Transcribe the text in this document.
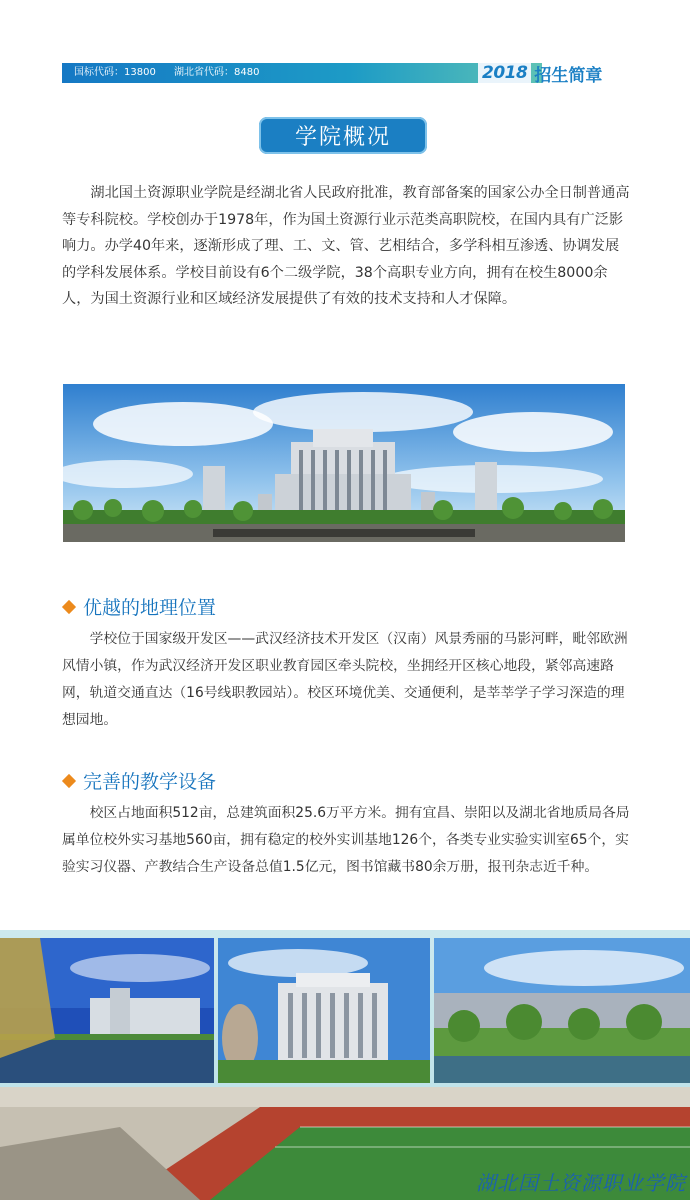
国标代码：13800 湖北省代码：8480	2018 招生简章
学院概况

湖北国土资源职业学院是经湖北省人民政府批准，教育部备案的国家公办全日制普通高等专科院校。学校创办于1978年，作为国土资源行业示范类高职院校，在国内具有广泛影响力。办学40年来，逐渐形成了理、工、文、管、艺相结合，多学科相互渗透、协调发展的学科发展体系。学校目前设有6个二级学院，38个高职专业方向，拥有在校生8000余人，为国土资源行业和区域经济发展提供了有效的技术支持和人才保障。

优越的地理位置

学校位于国家级开发区——武汉经济技术开发区（汉南）风景秀丽的马影河畔，毗邻欧洲风情小镇，作为武汉经济开发区职业教育园区牵头院校，坐拥经开区核心地段，紧邻高速路网，轨道交通直达（16号线职教园站）。校区环境优美、交通便利，是莘莘学子学习深造的理想园地。

完善的教学设备

校区占地面积512亩，总建筑面积25.6万平方米。拥有宜昌、崇阳以及湖北省地质局各局属单位校外实习基地560亩，拥有稳定的校外实训基地126个，各类专业实验实训室65个，实验实习仪器、产教结合生产设备总值1.5亿元，图书馆藏书80余万册，报刊杂志近千种。

湖北国土资源职业学院
